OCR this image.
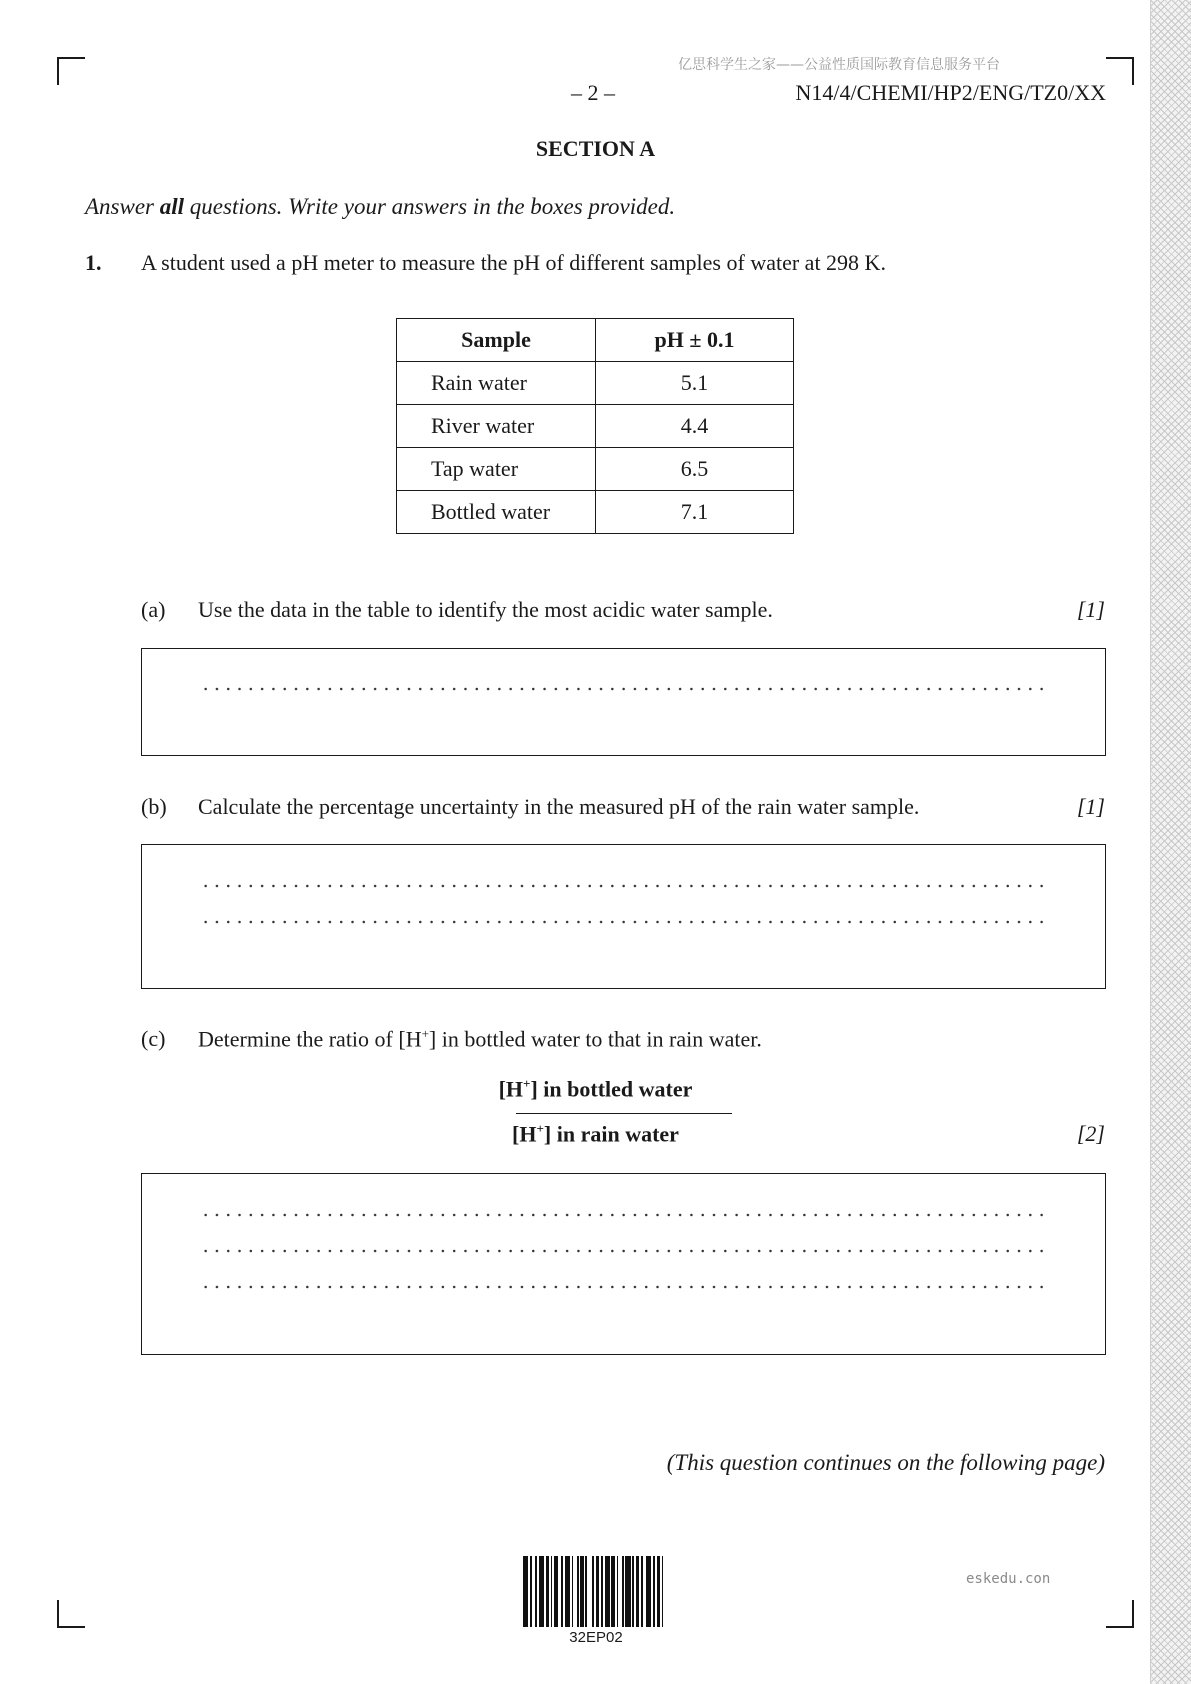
亿思科学生之家——公益性质国际教育信息服务平台
– 2 –	N14/4/CHEMI/HP2/ENG/TZ0/XX
SECTION A
Answer all questions. Write your answers in the boxes provided.
1. A student used a pH meter to measure the pH of different samples of water at 298 K.
Sample	pH ± 0.1
Rain water	5.1
River water	4.4
Tap water	6.5
Bottled water	7.1
(a) Use the data in the table to identify the most acidic water sample.	[1]
(b) Calculate the percentage uncertainty in the measured pH of the rain water sample.	[1]
(c) Determine the ratio of [H+] in bottled water to that in rain water.
[H+] in bottled water
[H+] in rain water	[2]
(This question continues on the following page)
32EP02
eskedu.con
